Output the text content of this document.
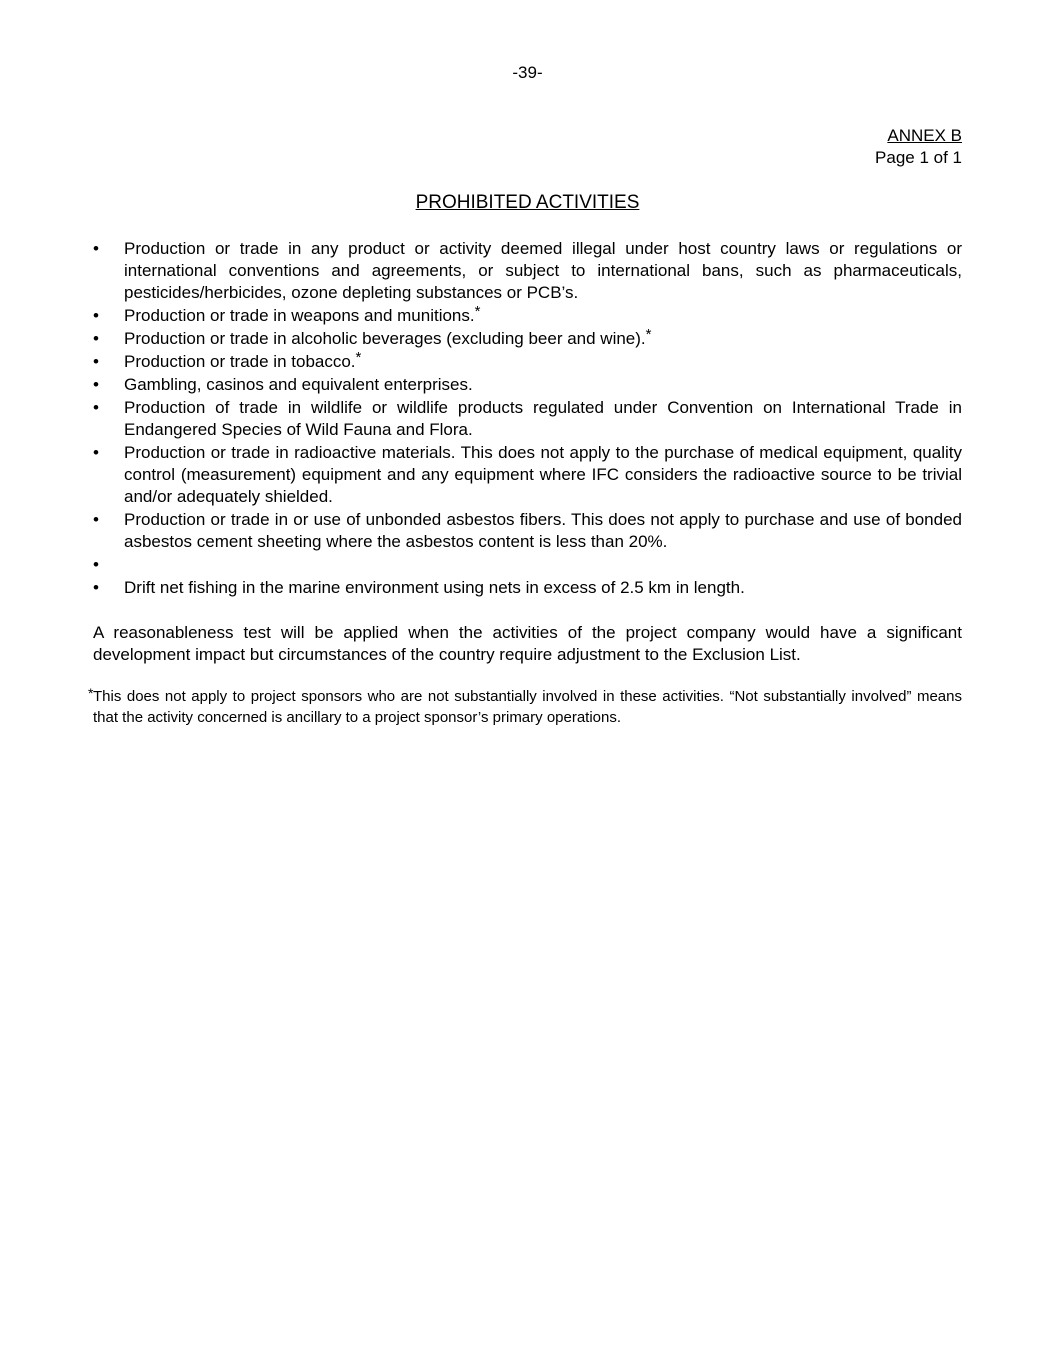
-39-
ANNEX B
Page 1 of 1
PROHIBITED ACTIVITIES
• Production or trade in any product or activity deemed illegal under host country laws or regulations or international conventions and agreements, or subject to international bans, such as pharmaceuticals, pesticides/herbicides, ozone depleting substances or PCB’s.
• Production or trade in weapons and munitions.*
• Production or trade in alcoholic beverages (excluding beer and wine).*
• Production or trade in tobacco.*
• Gambling, casinos and equivalent enterprises.
• Production of trade in wildlife or wildlife products regulated under Convention on International Trade in Endangered Species of Wild Fauna and Flora.
• Production or trade in radioactive materials. This does not apply to the purchase of medical equipment, quality control (measurement) equipment and any equipment where IFC considers the radioactive source to be trivial and/or adequately shielded.
• Production or trade in or use of unbonded asbestos fibers. This does not apply to purchase and use of bonded asbestos cement sheeting where the asbestos content is less than 20%.
•
• Drift net fishing in the marine environment using nets in excess of 2.5 km in length.
A reasonableness test will be applied when the activities of the project company would have a significant development impact but circumstances of the country require adjustment to the Exclusion List.
* This does not apply to project sponsors who are not substantially involved in these activities. “Not substantially involved” means that the activity concerned is ancillary to a project sponsor’s primary operations.
